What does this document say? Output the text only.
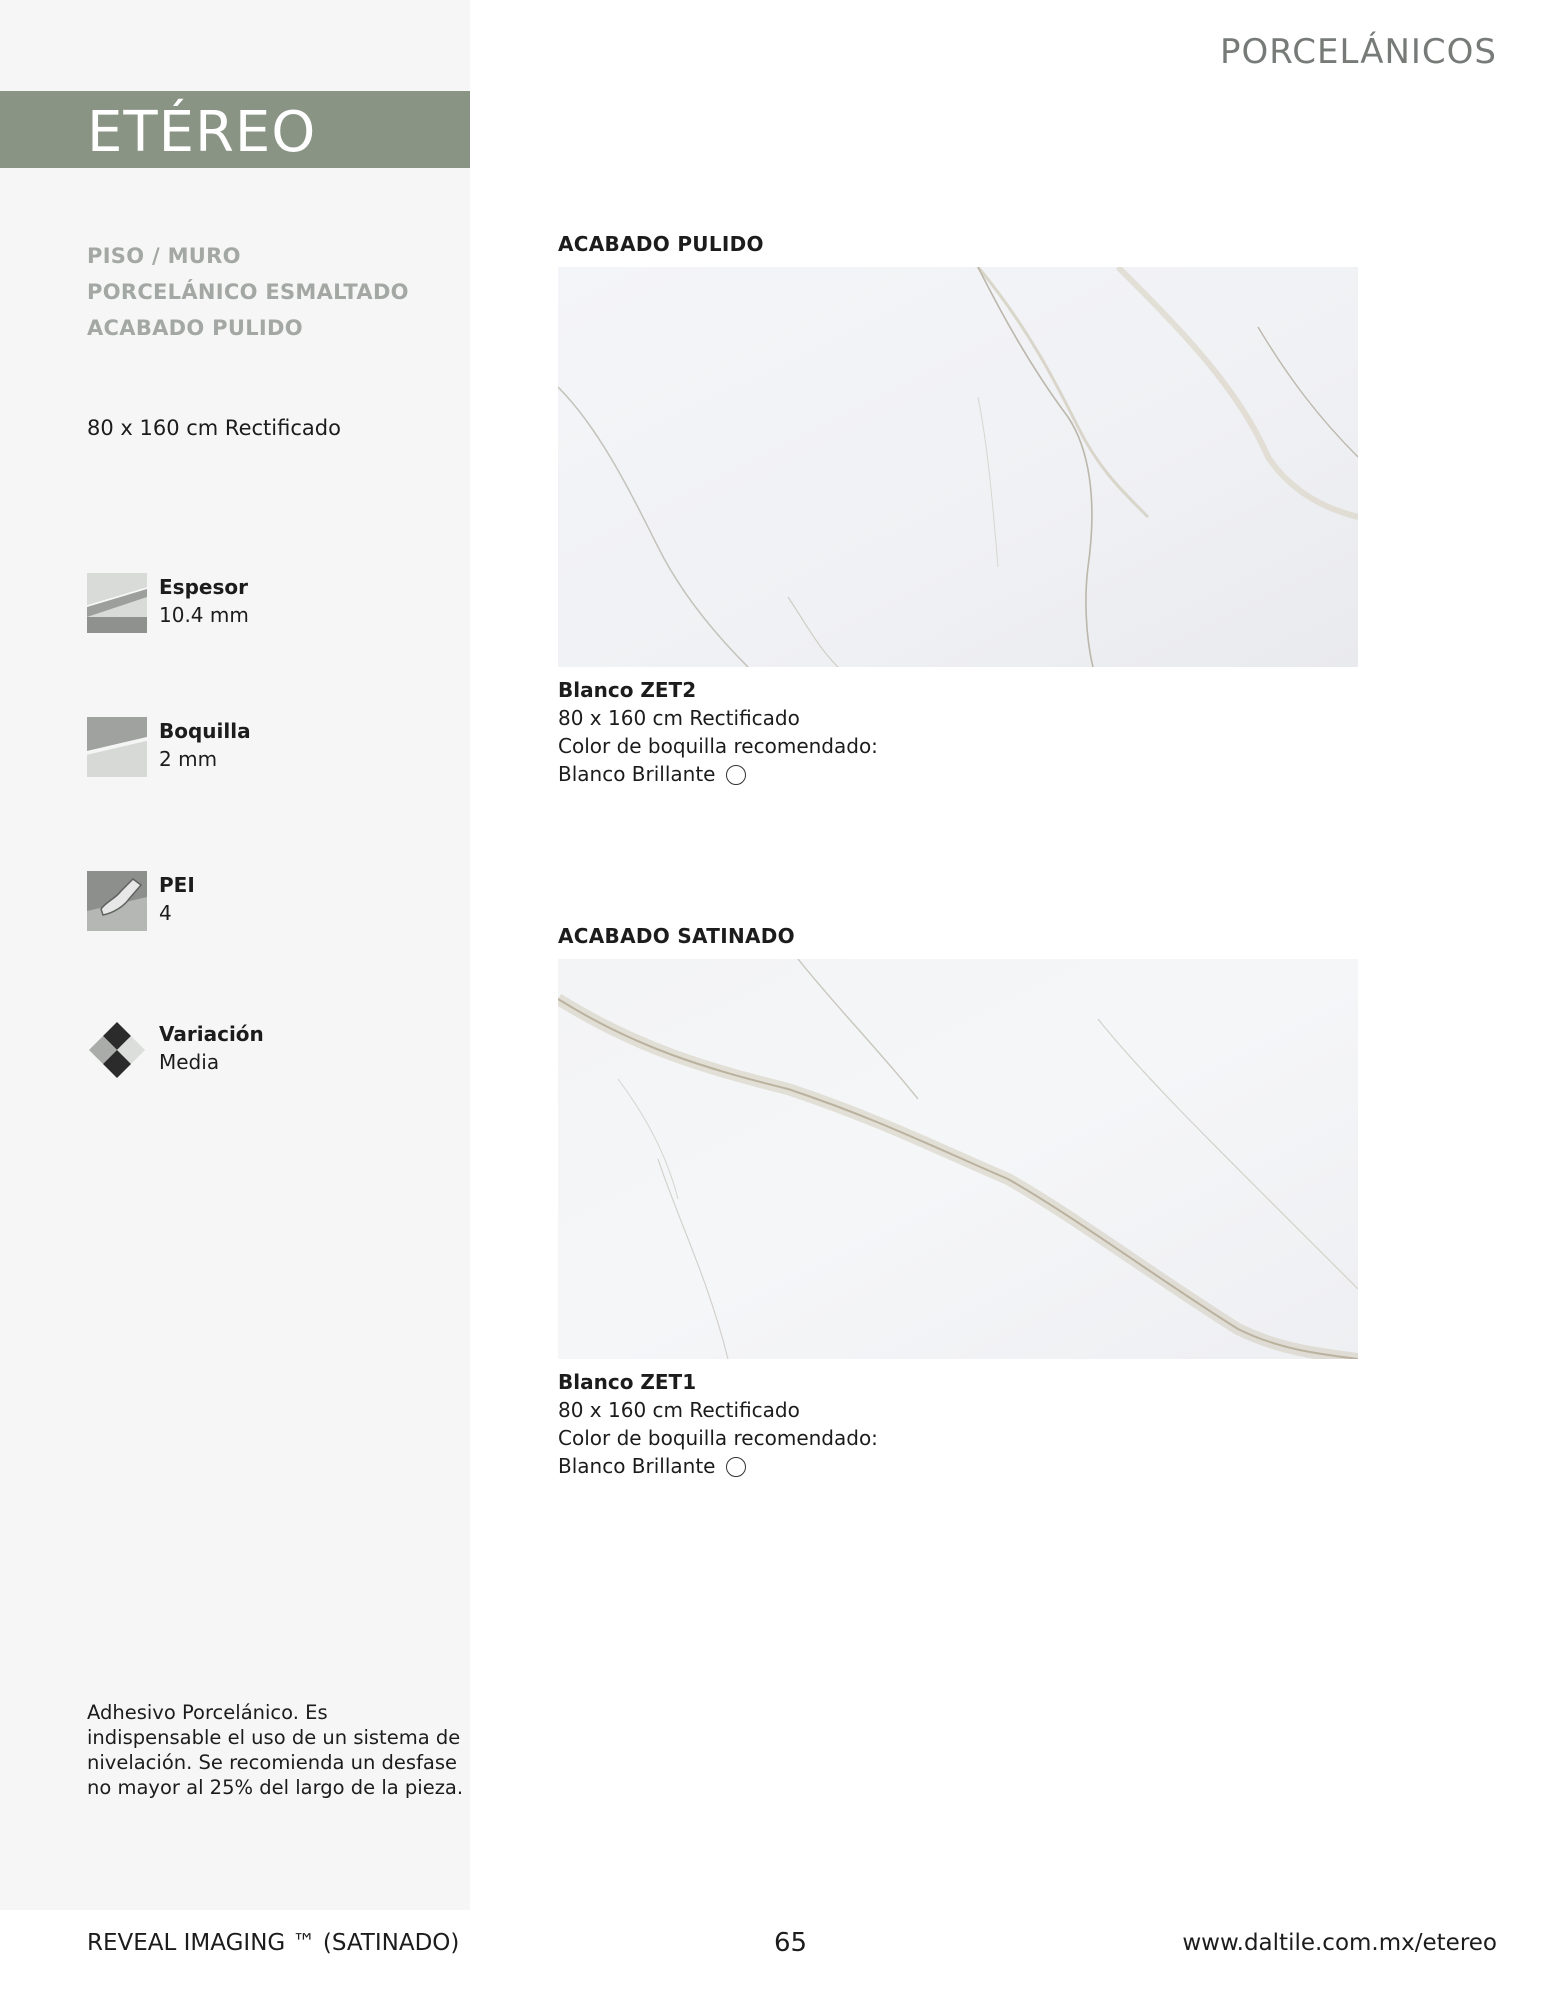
ETÉREO
PORCELÁNICOS
PISO / MURO
PORCELÁNICO ESMALTADO
ACABADO PULIDO
80 x 160 cm Rectificado
Espesor
10.4 mm
Boquilla
2 mm
PEI
4
Variación
Media
Adhesivo Porcelánico. Es indispensable el uso de un sistema de nivelación. Se recomienda un desfase no mayor al 25% del largo de la pieza.
ACABADO PULIDO
Blanco ZET2
80 x 160 cm Rectificado
Color de boquilla recomendado:
Blanco Brillante
ACABADO SATINADO
Blanco ZET1
80 x 160 cm Rectificado
Color de boquilla recomendado:
Blanco Brillante
REVEAL IMAGING ™ (SATINADO)	65	www.daltile.com.mx/etereo
